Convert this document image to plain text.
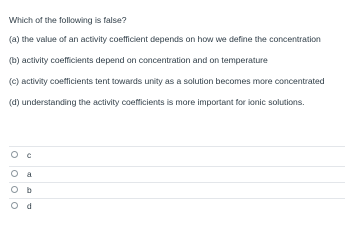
Which of the following is false?
(a) the value of an activity coefficient depends on how we define the concentration
(b) activity coefficients depend on concentration and on temperature
(c) activity coefficients tent towards unity as a solution becomes more concentrated
(d) understanding the activity coefficients is more important for ionic solutions.
c
a
b
d
